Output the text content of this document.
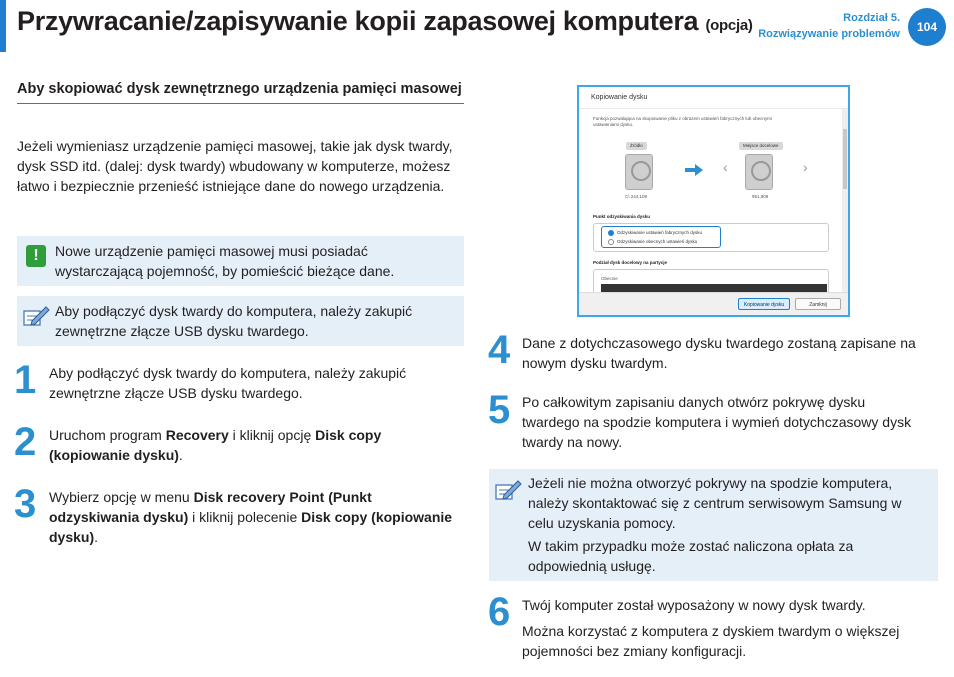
Przywracanie/zapisywanie kopii zapasowej komputera (opcja)	Rozdział 5.
Rozwiązywanie problemów	104
Aby skopiować dysk zewnętrznego urządzenia pamięci masowej

Jeżeli wymieniasz urządzenie pamięci masowej, takie jak dysk twardy, dysk SSD itd. (dalej: dysk twardy) wbudowany w komputerze, możesz łatwo i bezpiecznie przenieść istniejące dane do nowego urządzenia.

!	Nowe urządzenie pamięci masowej musi posiadać wystarczającą pojemność, by pomieścić bieżące dane.
Aby podłączyć dysk twardy do komputera, należy zakupić zewnętrzne złącze USB dysku twardego.
1 Aby podłączyć dysk twardy do komputera, należy zakupić zewnętrzne złącze USB dysku twardego.
2 Uruchom program Recovery i kliknij opcję Disk copy (kopiowanie dysku).
3 Wybierz opcję w menu Disk recovery Point (Punkt odzyskiwania dysku) i kliknij polecenie Disk copy (kopiowanie dysku).
Kopiowanie dysku
Funkcja pozwalająca na skopiowanie pliku z obrazem ustawień fabrycznych lub obecnymi ustawieniami dysku.
Źródło	Miejsce docelowe
‹	›
C\ 244,108	951,908
Punkt odzyskiwania dysku
Odzyskiwanie ustawień fabrycznych dysku
Odzyskiwanie obecnych ustawień dysku
Podział dysk docelowy na partycje
Obecnie
Kopiowanie dysku	Zamknij
4 Dane z dotychczasowego dysku twardego zostaną zapisane na nowym dysku twardym.
5 Po całkowitym zapisaniu danych otwórz pokrywę dysku twardego na spodzie komputera i wymień dotychczasowy dysk twardy na nowy.
Jeżeli nie można otworzyć pokrywy na spodzie komputera, należy skontaktować się z centrum serwisowym Samsung w celu uzyskania pomocy.
W takim przypadku może zostać naliczona opłata za odpowiednią usługę.
6 Twój komputer został wyposażony w nowy dysk twardy.
Można korzystać z komputera z dyskiem twardym o większej pojemności bez zmiany konfiguracji.
